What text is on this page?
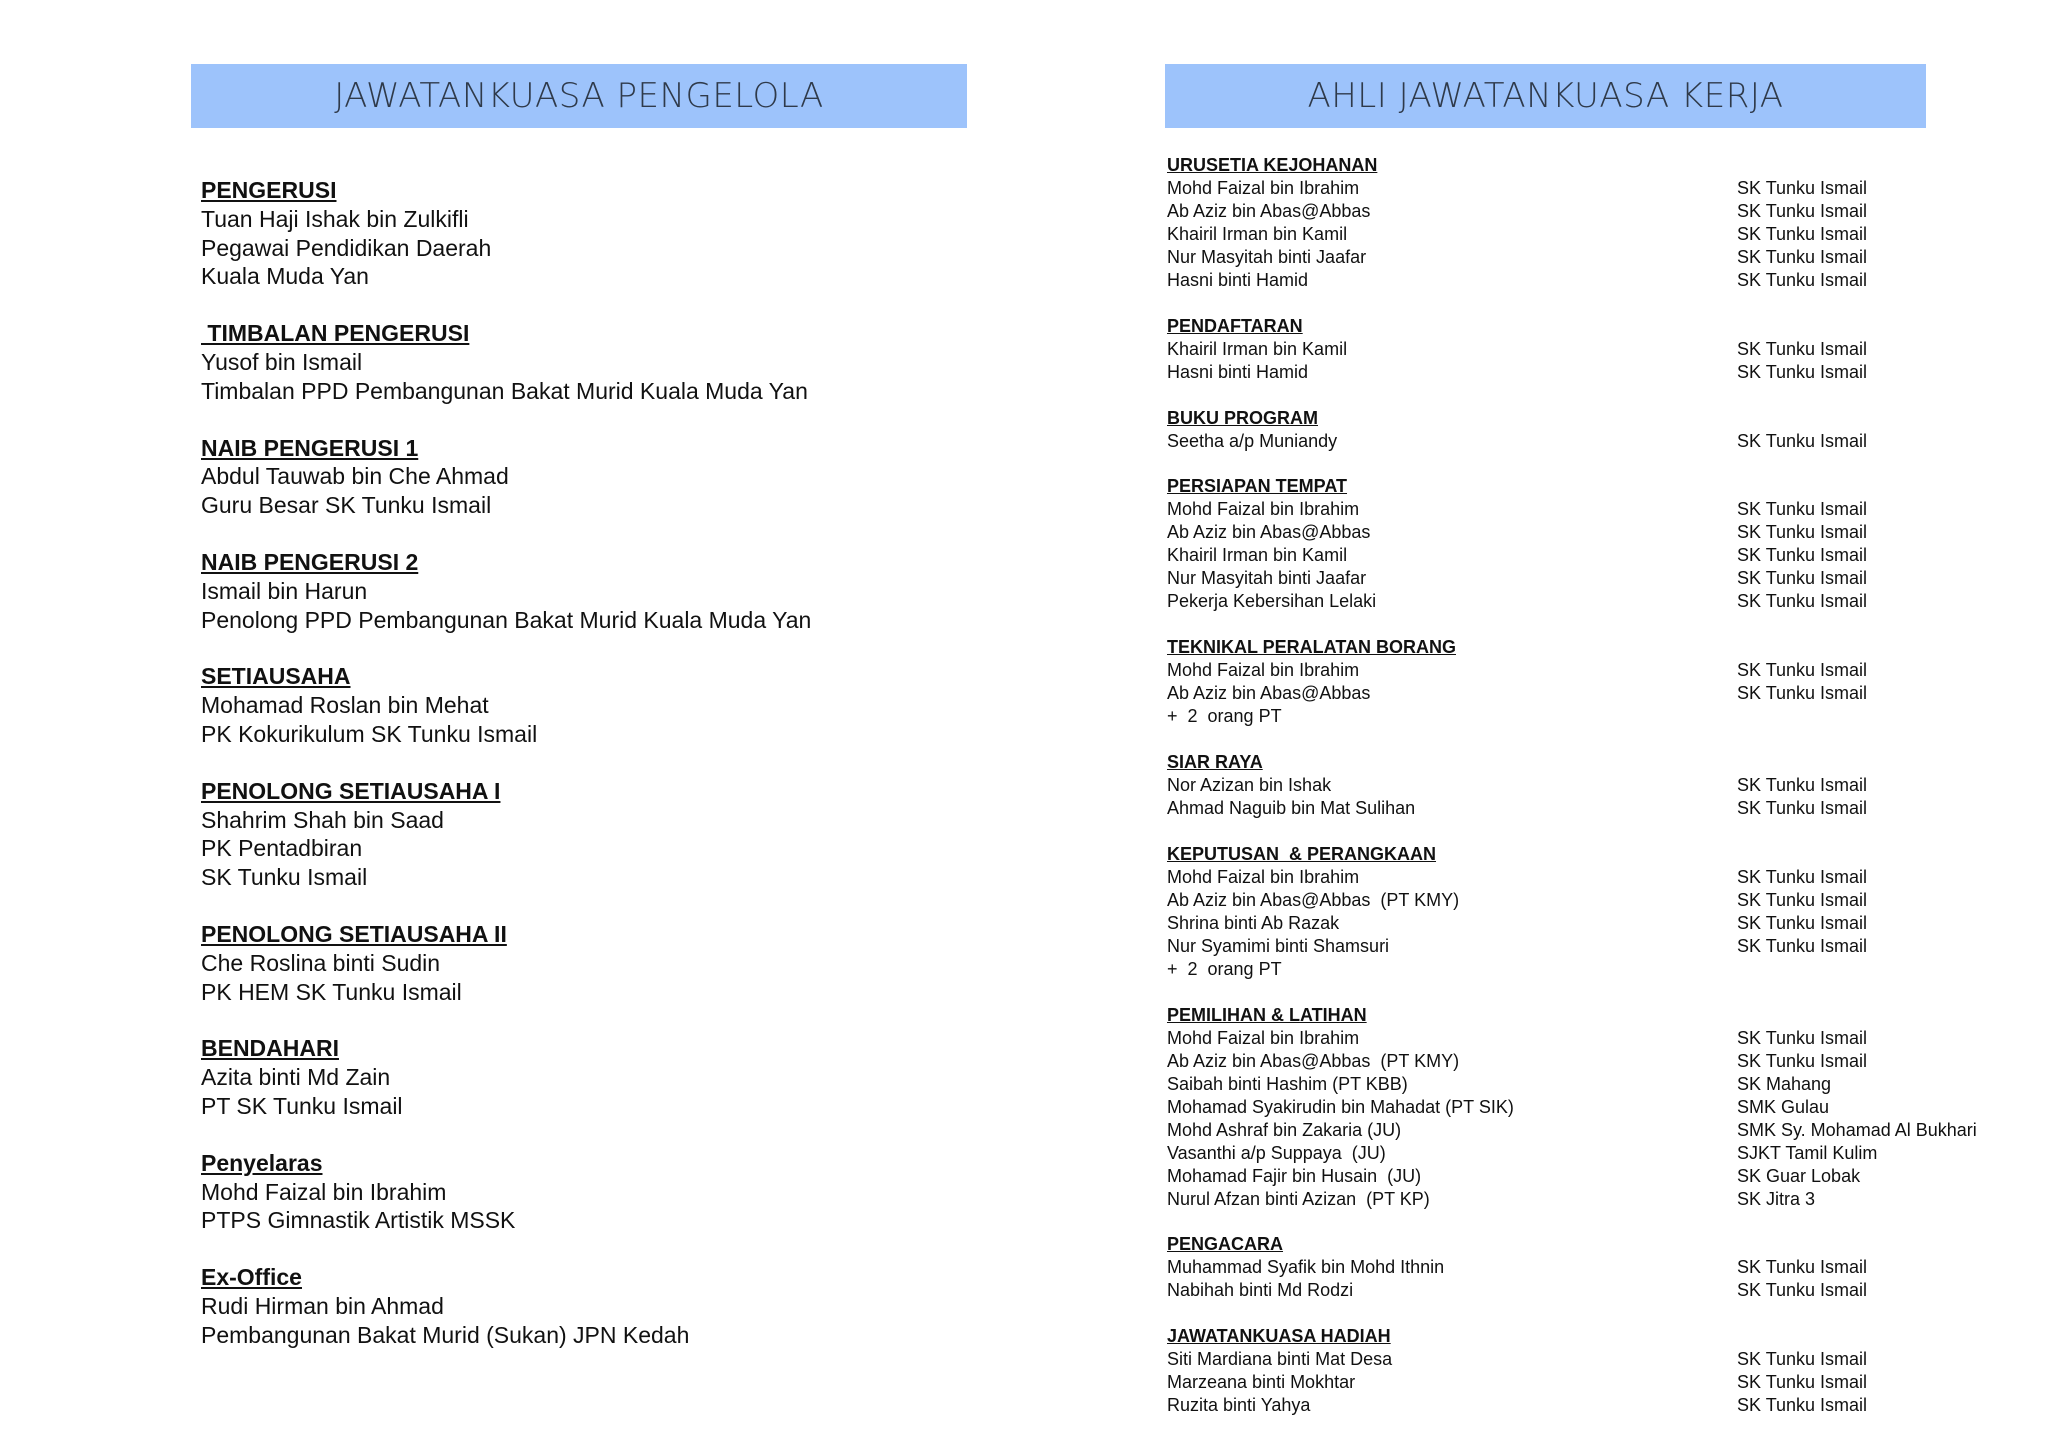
JAWATANKUASA PENGELOLA	AHLI JAWATANKUASA KERJA
PENGERUSI
Tuan Haji Ishak bin Zulkifli
Pegawai Pendidikan Daerah
Kuala Muda Yan
TIMBALAN PENGERUSI
Yusof bin Ismail
Timbalan PPD Pembangunan Bakat Murid Kuala Muda Yan
NAIB PENGERUSI 1
Abdul Tauwab bin Che Ahmad
Guru Besar SK Tunku Ismail
NAIB PENGERUSI 2
Ismail bin Harun
Penolong PPD Pembangunan Bakat Murid Kuala Muda Yan
SETIAUSAHA
Mohamad Roslan bin Mehat
PK Kokurikulum SK Tunku Ismail
PENOLONG SETIAUSAHA I
Shahrim Shah bin Saad
PK Pentadbiran
SK Tunku Ismail
PENOLONG SETIAUSAHA II
Che Roslina binti Sudin
PK HEM SK Tunku Ismail
BENDAHARI
Azita binti Md Zain
PT SK Tunku Ismail
Penyelaras
Mohd Faizal bin Ibrahim
PTPS Gimnastik Artistik MSSK
Ex-Office
Rudi Hirman bin Ahmad
Pembangunan Bakat Murid (Sukan) JPN Kedah
URUSETIA KEJOHANAN
Mohd Faizal bin Ibrahim	SK Tunku Ismail
Ab Aziz bin Abas@Abbas	SK Tunku Ismail
Khairil Irman bin Kamil	SK Tunku Ismail
Nur Masyitah binti Jaafar	SK Tunku Ismail
Hasni binti Hamid	SK Tunku Ismail
PENDAFTARAN
Khairil Irman bin Kamil	SK Tunku Ismail
Hasni binti Hamid	SK Tunku Ismail
BUKU PROGRAM
Seetha a/p Muniandy	SK Tunku Ismail
PERSIAPAN TEMPAT
Mohd Faizal bin Ibrahim	SK Tunku Ismail
Ab Aziz bin Abas@Abbas	SK Tunku Ismail
Khairil Irman bin Kamil	SK Tunku Ismail
Nur Masyitah binti Jaafar	SK Tunku Ismail
Pekerja Kebersihan Lelaki	SK Tunku Ismail
TEKNIKAL PERALATAN BORANG
Mohd Faizal bin Ibrahim	SK Tunku Ismail
Ab Aziz bin Abas@Abbas	SK Tunku Ismail
+  2  orang PT
SIAR RAYA
Nor Azizan bin Ishak	SK Tunku Ismail
Ahmad Naguib bin Mat Sulihan	SK Tunku Ismail
KEPUTUSAN  & PERANGKAAN
Mohd Faizal bin Ibrahim	SK Tunku Ismail
Ab Aziz bin Abas@Abbas  (PT KMY)	SK Tunku Ismail
Shrina binti Ab Razak	SK Tunku Ismail
Nur Syamimi binti Shamsuri	SK Tunku Ismail
+  2  orang PT
PEMILIHAN & LATIHAN
Mohd Faizal bin Ibrahim	SK Tunku Ismail
Ab Aziz bin Abas@Abbas  (PT KMY)	SK Tunku Ismail
Saibah binti Hashim (PT KBB)	SK Mahang
Mohamad Syakirudin bin Mahadat (PT SIK)	SMK Gulau
Mohd Ashraf bin Zakaria (JU)	SMK Sy. Mohamad Al Bukhari
Vasanthi a/p Suppaya  (JU)	SJKT Tamil Kulim
Mohamad Fajir bin Husain  (JU)	SK Guar Lobak
Nurul Afzan binti Azizan  (PT KP)	SK Jitra 3
PENGACARA
Muhammad Syafik bin Mohd Ithnin	SK Tunku Ismail
Nabihah binti Md Rodzi	SK Tunku Ismail
JAWATANKUASA HADIAH
Siti Mardiana binti Mat Desa	SK Tunku Ismail
Marzeana binti Mokhtar	SK Tunku Ismail
Ruzita binti Yahya	SK Tunku Ismail
